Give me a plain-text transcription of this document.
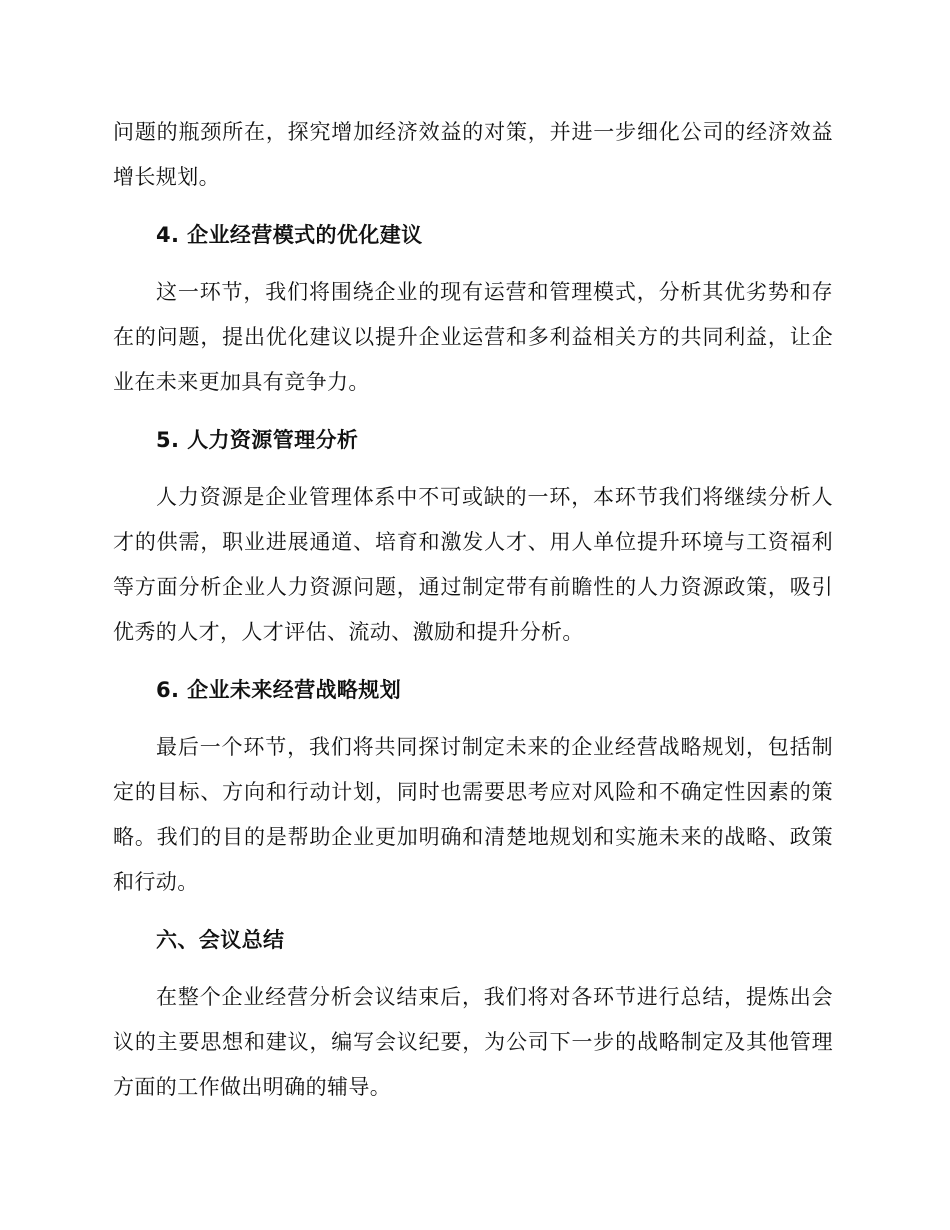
问题的瓶颈所在，探究增加经济效益的对策，并进一步细化公司的经济效益增长规划。

4. 企业经营模式的优化建议

这一环节，我们将围绕企业的现有运营和管理模式，分析其优劣势和存在的问题，提出优化建议以提升企业运营和多利益相关方的共同利益，让企业在未来更加具有竞争力。

5. 人力资源管理分析

人力资源是企业管理体系中不可或缺的一环，本环节我们将继续分析人才的供需，职业进展通道、培育和激发人才、用人单位提升环境与工资福利等方面分析企业人力资源问题，通过制定带有前瞻性的人力资源政策，吸引优秀的人才，人才评估、流动、激励和提升分析。

6. 企业未来经营战略规划

最后一个环节，我们将共同探讨制定未来的企业经营战略规划，包括制定的目标、方向和行动计划，同时也需要思考应对风险和不确定性因素的策略。我们的目的是帮助企业更加明确和清楚地规划和实施未来的战略、政策和行动。

六、会议总结

在整个企业经营分析会议结束后，我们将对各环节进行总结，提炼出会议的主要思想和建议，编写会议纪要，为公司下一步的战略制定及其他管理方面的工作做出明确的辅导。
